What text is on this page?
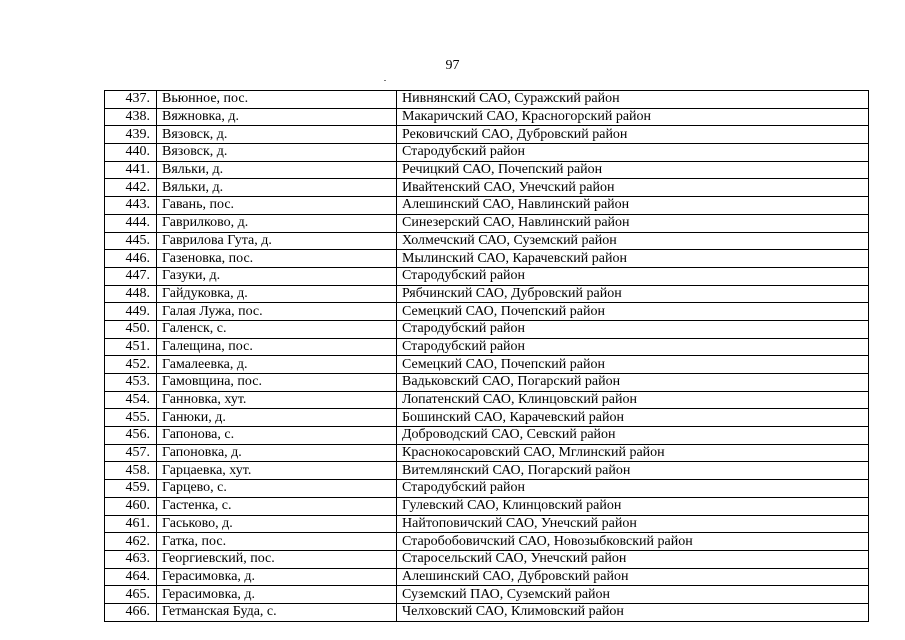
97
437.	Вьюнное, пос.	Нивнянский САО, Суражский район
438.	Вяжновка, д.	Макаричский САО, Красногорский район
439.	Вязовск, д.	Рековичский САО, Дубровский район
440.	Вязовск, д.	Стародубский район
441.	Вяльки, д.	Речицкий САО, Почепский район
442.	Вяльки, д.	Ивайтенский САО, Унечский район
443.	Гавань, пос.	Алешинский САО, Навлинский район
444.	Гаврилково, д.	Синезерский САО, Навлинский район
445.	Гаврилова Гута, д.	Холмечский САО, Суземский район
446.	Газеновка, пос.	Мылинский САО, Карачевский район
447.	Газуки, д.	Стародубский район
448.	Гайдуковка, д.	Рябчинский САО, Дубровский район
449.	Галая Лужа, пос.	Семецкий САО, Почепский район
450.	Галенск, с.	Стародубский район
451.	Галещина, пос.	Стародубский район
452.	Гамалеевка, д.	Семецкий САО, Почепский район
453.	Гамовщина, пос.	Вадьковский САО, Погарский район
454.	Ганновка, хут.	Лопатенский САО, Клинцовский район
455.	Ганюки, д.	Бошинский САО, Карачевский район
456.	Гапонова, с.	Доброводский САО, Севский район
457.	Гапоновка, д.	Краснокосаровский САО, Мглинский район
458.	Гарцаевка, хут.	Витемлянский САО, Погарский район
459.	Гарцево, с.	Стародубский район
460.	Гастенка, с.	Гулевский САО, Клинцовский район
461.	Гаськово, д.	Найтоповичский САО, Унечский район
462.	Гатка, пос.	Старобобовичский САО, Новозыбковский район
463.	Георгиевский, пос.	Старосельский САО, Унечский район
464.	Герасимовка, д.	Алешинский САО, Дубровский район
465.	Герасимовка, д.	Суземский ПАО, Суземский район
466.	Гетманская Буда, с.	Челховский САО, Климовский район
